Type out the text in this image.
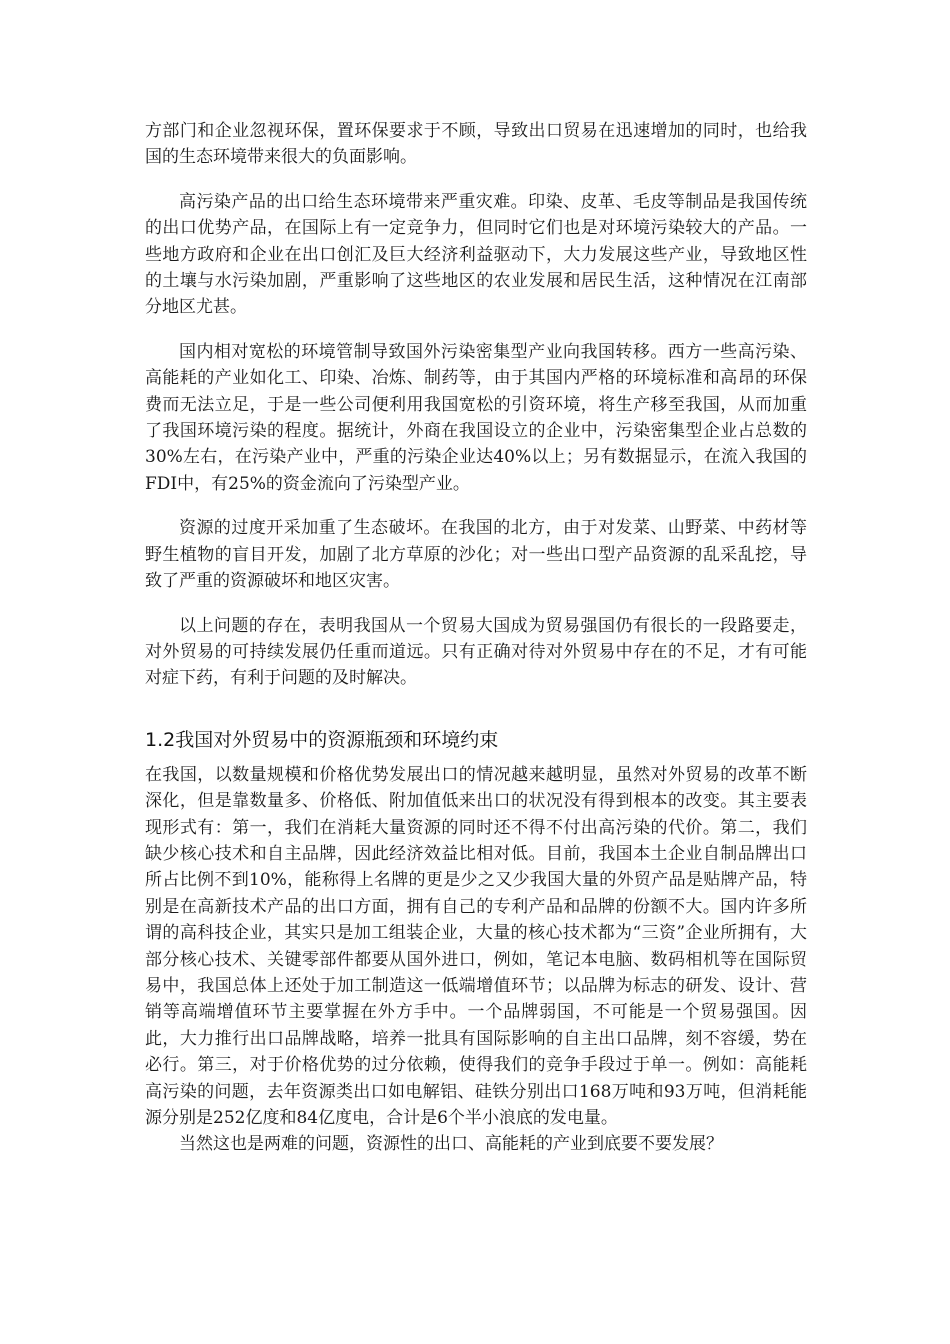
方部门和企业忽视环保，置环保要求于不顾，导致出口贸易在迅速增加的同时，也给我国的生态环境带来很大的负面影响。

高污染产品的出口给生态环境带来严重灾难。印染、皮革、毛皮等制品是我国传统的出口优势产品，在国际上有一定竞争力，但同时它们也是对环境污染较大的产品。一些地方政府和企业在出口创汇及巨大经济利益驱动下，大力发展这些产业，导致地区性的土壤与水污染加剧，严重影响了这些地区的农业发展和居民生活，这种情况在江南部分地区尤甚。

国内相对宽松的环境管制导致国外污染密集型产业向我国转移。西方一些高污染、高能耗的产业如化工、印染、冶炼、制药等，由于其国内严格的环境标准和高昂的环保费而无法立足，于是一些公司便利用我国宽松的引资环境，将生产移至我国，从而加重了我国环境污染的程度。据统计，外商在我国设立的企业中，污染密集型企业占总数的30%左右，在污染产业中，严重的污染企业达40%以上；另有数据显示，在流入我国的FDI中，有25%的资金流向了污染型产业。

资源的过度开采加重了生态破坏。在我国的北方，由于对发菜、山野菜、中药材等野生植物的盲目开发，加剧了北方草原的沙化；对一些出口型产品资源的乱采乱挖，导致了严重的资源破坏和地区灾害。

以上问题的存在，表明我国从一个贸易大国成为贸易强国仍有很长的一段路要走，对外贸易的可持续发展仍任重而道远。只有正确对待对外贸易中存在的不足，才有可能对症下药，有利于问题的及时解决。

1.2我国对外贸易中的资源瓶颈和环境约束

在我国，以数量规模和价格优势发展出口的情况越来越明显，虽然对外贸易的改革不断深化，但是靠数量多、价格低、附加值低来出口的状况没有得到根本的改变。其主要表现形式有：第一，我们在消耗大量资源的同时还不得不付出高污染的代价。第二，我们缺少核心技术和自主品牌，因此经济效益比相对低。目前，我国本土企业自制品牌出口所占比例不到10%，能称得上名牌的更是少之又少我国大量的外贸产品是贴牌产品，特别是在高新技术产品的出口方面，拥有自己的专利产品和品牌的份额不大。国内许多所谓的高科技企业，其实只是加工组装企业，大量的核心技术都为“三资”企业所拥有，大部分核心技术、关键零部件都要从国外进口，例如，笔记本电脑、数码相机等在国际贸易中，我国总体上还处于加工制造这一低端增值环节；以品牌为标志的研发、设计、营销等高端增值环节主要掌握在外方手中。一个品牌弱国，不可能是一个贸易强国。因此，大力推行出口品牌战略，培养一批具有国际影响的自主出口品牌，刻不容缓，势在必行。第三，对于价格优势的过分依赖，使得我们的竞争手段过于单一。例如：高能耗高污染的问题，去年资源类出口如电解铝、硅铁分别出口168万吨和93万吨，但消耗能源分别是252亿度和84亿度电，合计是6个半小浪底的发电量。

当然这也是两难的问题，资源性的出口、高能耗的产业到底要不要发展？
